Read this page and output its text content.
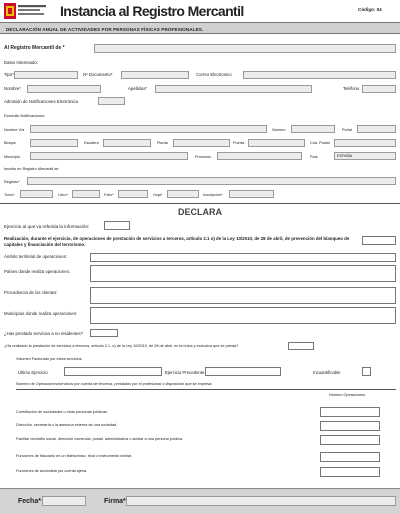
Instancia al Registro Mercantil	Código: 04
DECLARACIÓN ANUAL DE ACTIVIDADES POR PERSONAS FÍSICAS PROFESIONALES.
Al Registro Mercantil de *
Datos Interesado:
Tipo*	Nº Documento*	Correo Electronico
Nombre*	Apellidos*	Teléfono
Admisión de Notificaciones Electrónica
Domicilio Notificaciones:
Nombre Vía	Número	Portal
Bloque	Escalera	Planta	Puerta	Cód. Postal
Municipio	Provincia	País	ESPAÑA
Inscrito en Registro Mercantil de
Registro*
Tomo*	Libro*	Folio*	Hoja*	Inscripción*
DECLARA
Ejercicio al que va referida la información:
Realización, durante el ejercicio, de operaciones de prestación de servicios a terceros, artículo 2.1 o) de la Ley 10/2010, de 28 de abril, de prevención del blanqueo de capitales y financiación del terrorismo.
Ámbito territorial de operaciones:
Países donde realiza operaciones:
Procedencia de los clientes:
Municipios donde realiza operaciones:
¿Has prestado servicios a no residentes?
¿Ha realizado la prestación de servicios a terceros, artículo 2.1. o) de la Ley 10/2010, de 28 de abril, en la única y exclusiva que se presta?
Volumen Facturado por estos servicios:
Último Ejercicio	Ejercicio Precedente	Incuantificable
Número de Operaciones/servicios por cuenta de terceros, prestados por el profesional o disposición que se expresa:
Número Operaciones
Constitución de sociedades u otras personas jurídicas.
Dirección, secretaría o la asesoría externa de una sociedad.
Facilitar domicilio social, dirección comercial, postal, administrativa o similar a una persona jurídica.
Funciones de fiduciario en un fideicomiso, trust o instrumento similar.
Funciones de accionista por cuenta ajena.
Fecha*	Firma*
